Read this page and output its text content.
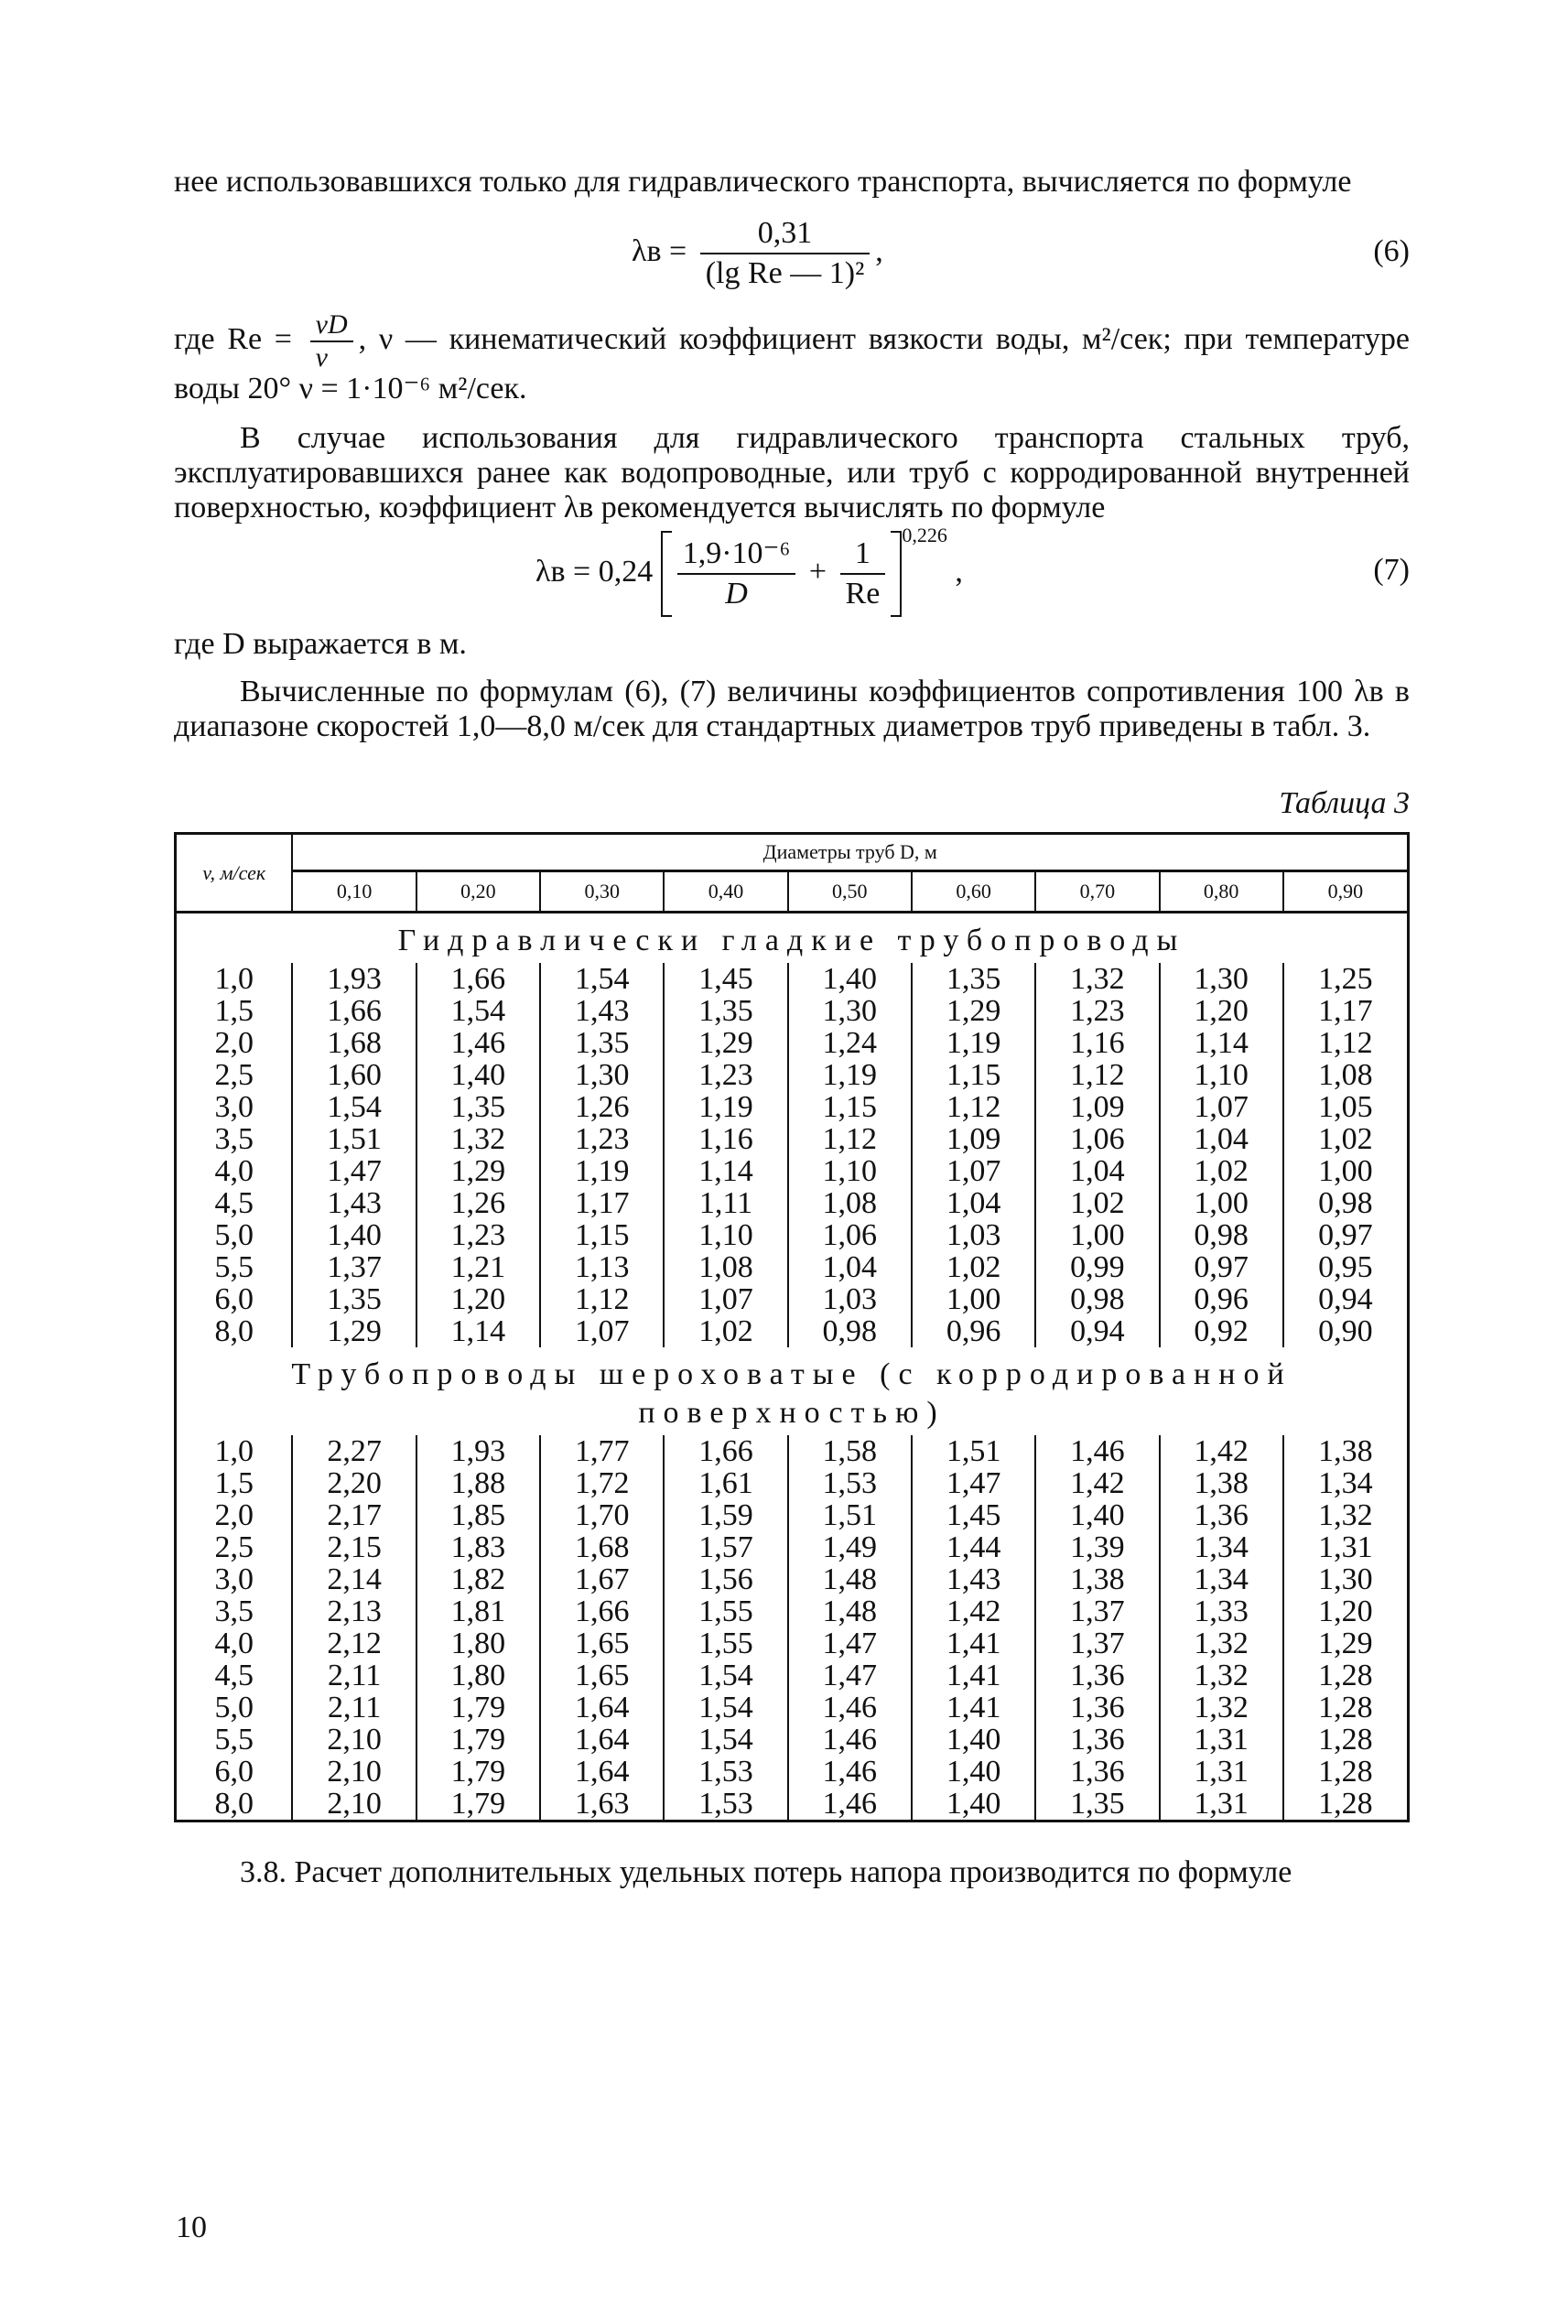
нее использовавшихся только для гидравлического транспорта, вычисляется по формуле

$\lambda в = \frac{0,31}{\text{(lg Re — 1)²}}$ ,	(6)

где $Re = \frac{vD}{\nu}$ , ν — кинематический коэффициент вязкости воды, м²/сек; при температуре воды 20° ν = 1·10⁻⁶ м²/сек.

В случае использования для гидравлического транспорта стальных труб, эксплуатировавшихся ранее как водопроводные, или труб с корродированной внутренней поверхностью, коэффициент λв рекомендуется вычислять по формуле

$\lambda в = 0,24 \frac{\text{1,9·10⁻⁶}}{D} + \frac{1}{Re}$
$^{0,226}$ ,	(7)

где D выражается в м.

Вычисленные по формулам (6), (7) величины коэффициентов сопротивления 100 λв в диапазоне скоростей 1,0—8,0 м/сек для стандартных диаметров труб приведены в табл. 3.

Таблица 3
v, м/сек	Диаметры труб D, м								
	0,10	0,20	0,30	0,40	0,50	0,60	0,70	0,80	0,90
Гидравлически гладкие трубопроводы									
1,0	1,93	1,66	1,54	1,45	1,40	1,35	1,32	1,30	1,25
1,5	1,66	1,54	1,43	1,35	1,30	1,29	1,23	1,20	1,17
2,0	1,68	1,46	1,35	1,29	1,24	1,19	1,16	1,14	1,12
2,5	1,60	1,40	1,30	1,23	1,19	1,15	1,12	1,10	1,08
3,0	1,54	1,35	1,26	1,19	1,15	1,12	1,09	1,07	1,05
3,5	1,51	1,32	1,23	1,16	1,12	1,09	1,06	1,04	1,02
4,0	1,47	1,29	1,19	1,14	1,10	1,07	1,04	1,02	1,00
4,5	1,43	1,26	1,17	1,11	1,08	1,04	1,02	1,00	0,98
5,0	1,40	1,23	1,15	1,10	1,06	1,03	1,00	0,98	0,97
5,5	1,37	1,21	1,13	1,08	1,04	1,02	0,99	0,97	0,95
6,0	1,35	1,20	1,12	1,07	1,03	1,00	0,98	0,96	0,94
8,0	1,29	1,14	1,07	1,02	0,98	0,96	0,94	0,92	0,90
Трубопроводы шероховатые (с корродированной									
поверхностью)									
1,0	2,27	1,93	1,77	1,66	1,58	1,51	1,46	1,42	1,38
1,5	2,20	1,88	1,72	1,61	1,53	1,47	1,42	1,38	1,34
2,0	2,17	1,85	1,70	1,59	1,51	1,45	1,40	1,36	1,32
2,5	2,15	1,83	1,68	1,57	1,49	1,44	1,39	1,34	1,31
3,0	2,14	1,82	1,67	1,56	1,48	1,43	1,38	1,34	1,30
3,5	2,13	1,81	1,66	1,55	1,48	1,42	1,37	1,33	1,20
4,0	2,12	1,80	1,65	1,55	1,47	1,41	1,37	1,32	1,29
4,5	2,11	1,80	1,65	1,54	1,47	1,41	1,36	1,32	1,28
5,0	2,11	1,79	1,64	1,54	1,46	1,41	1,36	1,32	1,28
5,5	2,10	1,79	1,64	1,54	1,46	1,40	1,36	1,31	1,28
6,0	2,10	1,79	1,64	1,53	1,46	1,40	1,36	1,31	1,28
8,0	2,10	1,79	1,63	1,53	1,46	1,40	1,35	1,31	1,28

3.8. Расчет дополнительных удельных потерь напора производится по формуле

10
